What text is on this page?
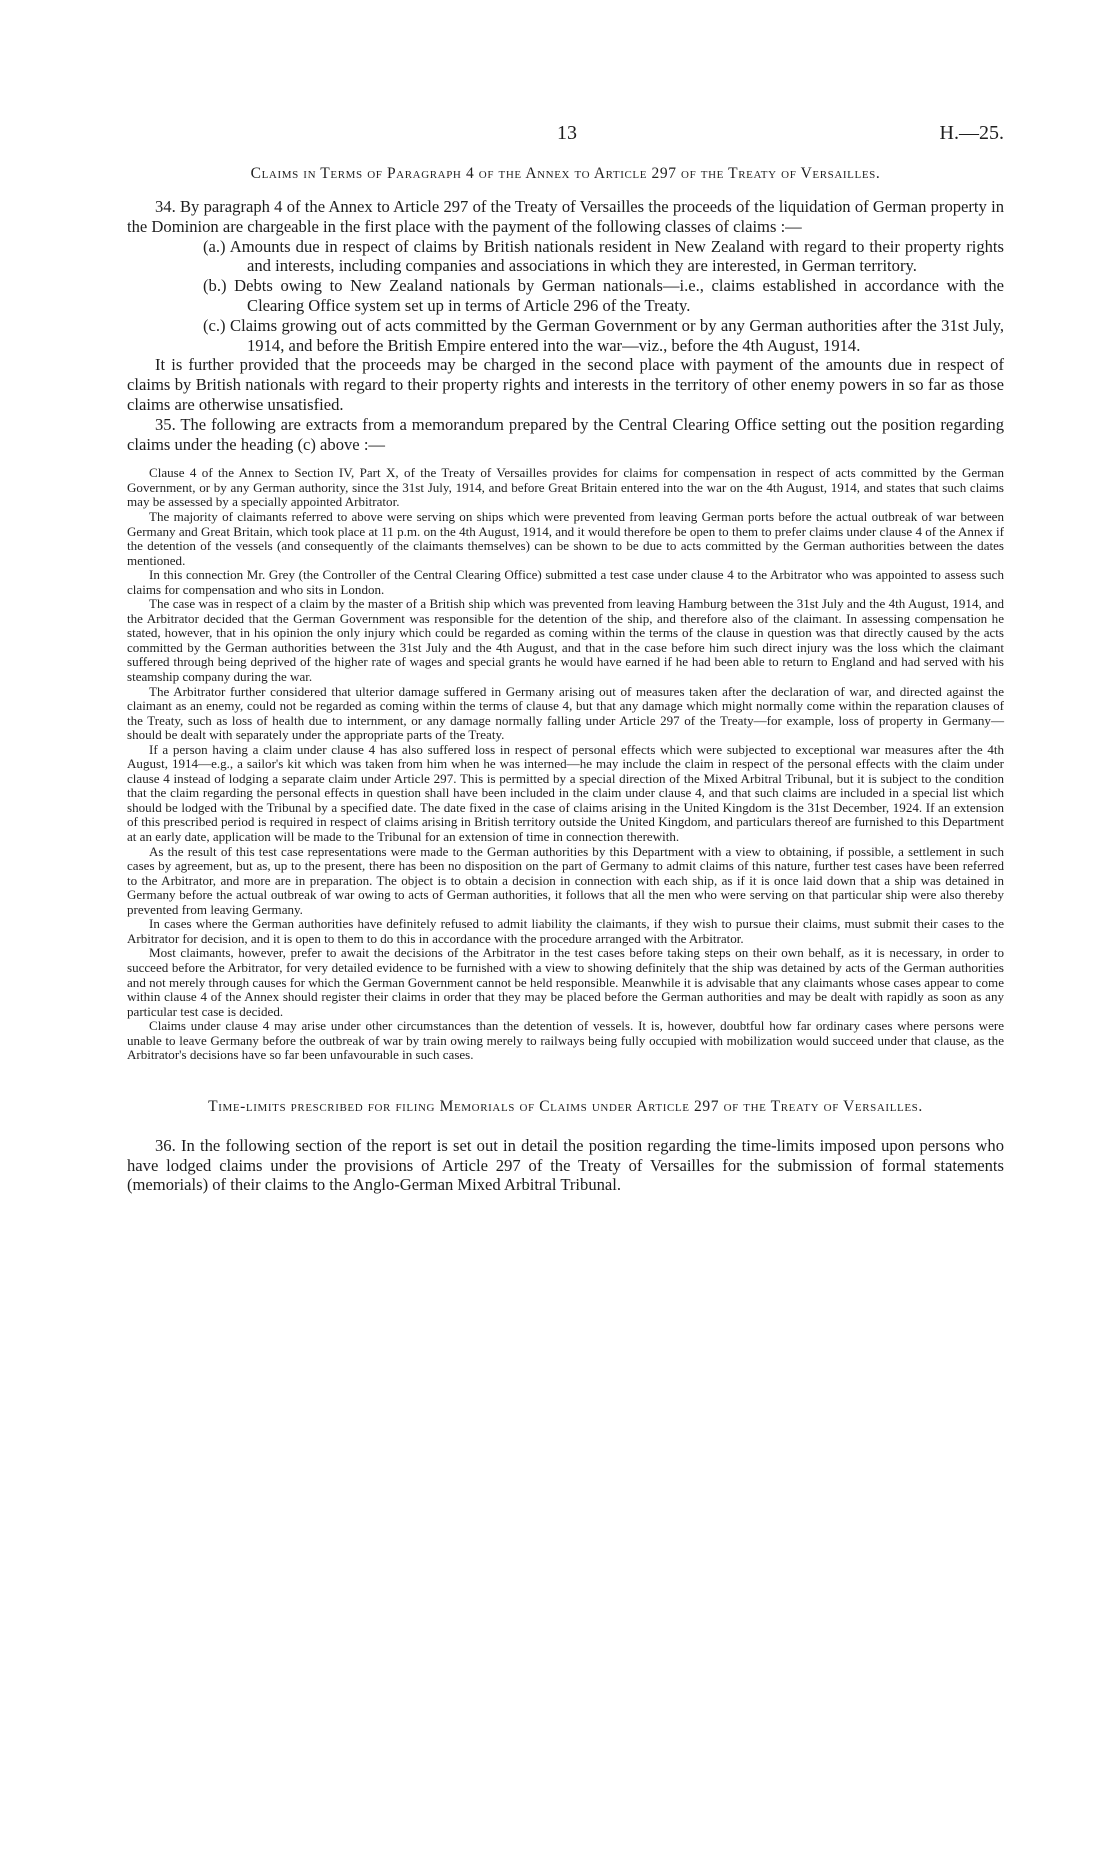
13	H.—25.
Claims in Terms of Paragraph 4 of the Annex to Article 297 of the Treaty of Versailles.

34. By paragraph 4 of the Annex to Article 297 of the Treaty of Versailles the proceeds of the liquidation of German property in the Dominion are chargeable in the first place with the payment of the following classes of claims :—

(a.) Amounts due in respect of claims by British nationals resident in New Zealand with regard to their property rights and interests, including companies and associations in which they are interested, in German territory.
(b.) Debts owing to New Zealand nationals by German nationals—i.e., claims established in accordance with the Clearing Office system set up in terms of Article 296 of the Treaty.
(c.) Claims growing out of acts committed by the German Government or by any German authorities after the 31st July, 1914, and before the British Empire entered into the war—viz., before the 4th August, 1914.

It is further provided that the proceeds may be charged in the second place with payment of the amounts due in respect of claims by British nationals with regard to their property rights and interests in the territory of other enemy powers in so far as those claims are otherwise unsatisfied.

35. The following are extracts from a memorandum prepared by the Central Clearing Office setting out the position regarding claims under the heading (c) above :—

Clause 4 of the Annex to Section IV, Part X, of the Treaty of Versailles provides for claims for compensation in respect of acts committed by the German Government, or by any German authority, since the 31st July, 1914, and before Great Britain entered into the war on the 4th August, 1914, and states that such claims may be assessed by a specially appointed Arbitrator.

The majority of claimants referred to above were serving on ships which were prevented from leaving German ports before the actual outbreak of war between Germany and Great Britain, which took place at 11 p.m. on the 4th August, 1914, and it would therefore be open to them to prefer claims under clause 4 of the Annex if the detention of the vessels (and consequently of the claimants themselves) can be shown to be due to acts committed by the German authorities between the dates mentioned.

In this connection Mr. Grey (the Controller of the Central Clearing Office) submitted a test case under clause 4 to the Arbitrator who was appointed to assess such claims for compensation and who sits in London.

The case was in respect of a claim by the master of a British ship which was prevented from leaving Hamburg between the 31st July and the 4th August, 1914, and the Arbitrator decided that the German Government was responsible for the detention of the ship, and therefore also of the claimant. In assessing compensation he stated, however, that in his opinion the only injury which could be regarded as coming within the terms of the clause in question was that directly caused by the acts committed by the German authorities between the 31st July and the 4th August, and that in the case before him such direct injury was the loss which the claimant suffered through being deprived of the higher rate of wages and special grants he would have earned if he had been able to return to England and had served with his steamship company during the war.

The Arbitrator further considered that ulterior damage suffered in Germany arising out of measures taken after the declaration of war, and directed against the claimant as an enemy, could not be regarded as coming within the terms of clause 4, but that any damage which might normally come within the reparation clauses of the Treaty, such as loss of health due to internment, or any damage normally falling under Article 297 of the Treaty—for example, loss of property in Germany—should be dealt with separately under the appropriate parts of the Treaty.

If a person having a claim under clause 4 has also suffered loss in respect of personal effects which were subjected to exceptional war measures after the 4th August, 1914—e.g., a sailor's kit which was taken from him when he was interned—he may include the claim in respect of the personal effects with the claim under clause 4 instead of lodging a separate claim under Article 297. This is permitted by a special direction of the Mixed Arbitral Tribunal, but it is subject to the condition that the claim regarding the personal effects in question shall have been included in the claim under clause 4, and that such claims are included in a special list which should be lodged with the Tribunal by a specified date. The date fixed in the case of claims arising in the United Kingdom is the 31st December, 1924. If an extension of this prescribed period is required in respect of claims arising in British territory outside the United Kingdom, and particulars thereof are furnished to this Department at an early date, application will be made to the Tribunal for an extension of time in connection therewith.

As the result of this test case representations were made to the German authorities by this Department with a view to obtaining, if possible, a settlement in such cases by agreement, but as, up to the present, there has been no disposition on the part of Germany to admit claims of this nature, further test cases have been referred to the Arbitrator, and more are in preparation. The object is to obtain a decision in connection with each ship, as if it is once laid down that a ship was detained in Germany before the actual outbreak of war owing to acts of German authorities, it follows that all the men who were serving on that particular ship were also thereby prevented from leaving Germany.

In cases where the German authorities have definitely refused to admit liability the claimants, if they wish to pursue their claims, must submit their cases to the Arbitrator for decision, and it is open to them to do this in accordance with the procedure arranged with the Arbitrator.

Most claimants, however, prefer to await the decisions of the Arbitrator in the test cases before taking steps on their own behalf, as it is necessary, in order to succeed before the Arbitrator, for very detailed evidence to be furnished with a view to showing definitely that the ship was detained by acts of the German authorities and not merely through causes for which the German Government cannot be held responsible. Meanwhile it is advisable that any claimants whose cases appear to come within clause 4 of the Annex should register their claims in order that they may be placed before the German authorities and may be dealt with rapidly as soon as any particular test case is decided.

Claims under clause 4 may arise under other circumstances than the detention of vessels. It is, however, doubtful how far ordinary cases where persons were unable to leave Germany before the outbreak of war by train owing merely to railways being fully occupied with mobilization would succeed under that clause, as the Arbitrator's decisions have so far been unfavourable in such cases.

Time-limits prescribed for filing Memorials of Claims under Article 297 of the Treaty of Versailles.

36. In the following section of the report is set out in detail the position regarding the time-limits imposed upon persons who have lodged claims under the provisions of Article 297 of the Treaty of Versailles for the submission of formal statements (memorials) of their claims to the Anglo-German Mixed Arbitral Tribunal.
